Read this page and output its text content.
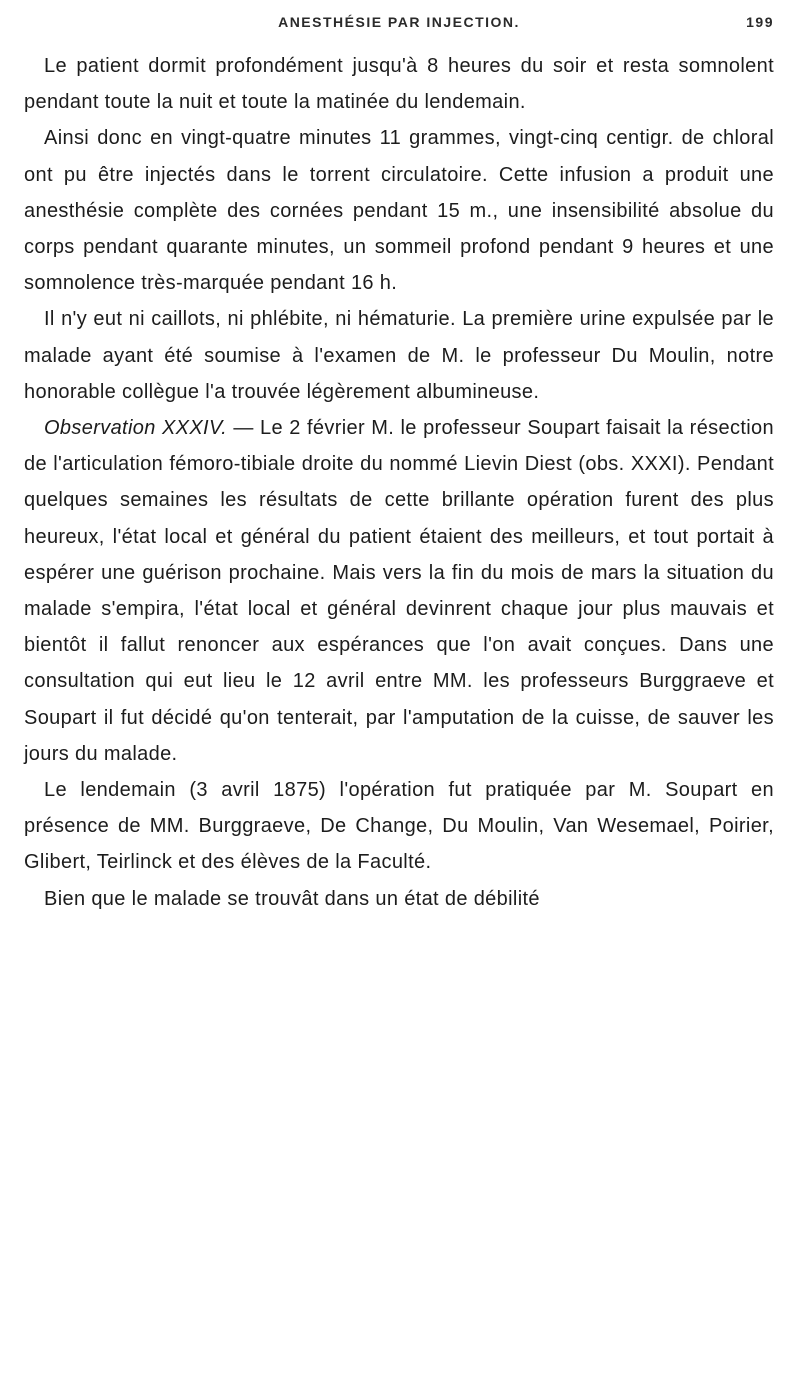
ANESTHÉSIE PAR INJECTION.	199

Le patient dormit profondément jusqu'à 8 heures du soir et resta somnolent pendant toute la nuit et toute la matinée du lendemain.

Ainsi donc en vingt-quatre minutes 11 grammes, vingt-cinq centigr. de chloral ont pu être injectés dans le torrent circulatoire. Cette infusion a produit une anesthésie complète des cornées pendant 15 m., une insensibilité absolue du corps pendant quarante minutes, un sommeil profond pendant 9 heures et une somnolence très-marquée pendant 16 h.

Il n'y eut ni caillots, ni phlébite, ni hématurie. La première urine expulsée par le malade ayant été soumise à l'examen de M. le professeur Du Moulin, notre honorable collègue l'a trouvée légèrement albumineuse.

Observation XXXIV. — Le 2 février M. le professeur Soupart faisait la résection de l'articulation fémoro-tibiale droite du nommé Lievin Diest (obs. XXXI). Pendant quelques semaines les résultats de cette brillante opération furent des plus heureux, l'état local et général du patient étaient des meilleurs, et tout portait à espérer une guérison prochaine. Mais vers la fin du mois de mars la situation du malade s'empira, l'état local et général devinrent chaque jour plus mauvais et bientôt il fallut renoncer aux espérances que l'on avait conçues. Dans une consultation qui eut lieu le 12 avril entre MM. les professeurs Burggraeve et Soupart il fut décidé qu'on tenterait, par l'amputation de la cuisse, de sauver les jours du malade.

Le lendemain (3 avril 1875) l'opération fut pratiquée par M. Soupart en présence de MM. Burggraeve, De Change, Du Moulin, Van Wesemael, Poirier, Glibert, Teirlinck et des élèves de la Faculté.

Bien que le malade se trouvât dans un état de débilité
